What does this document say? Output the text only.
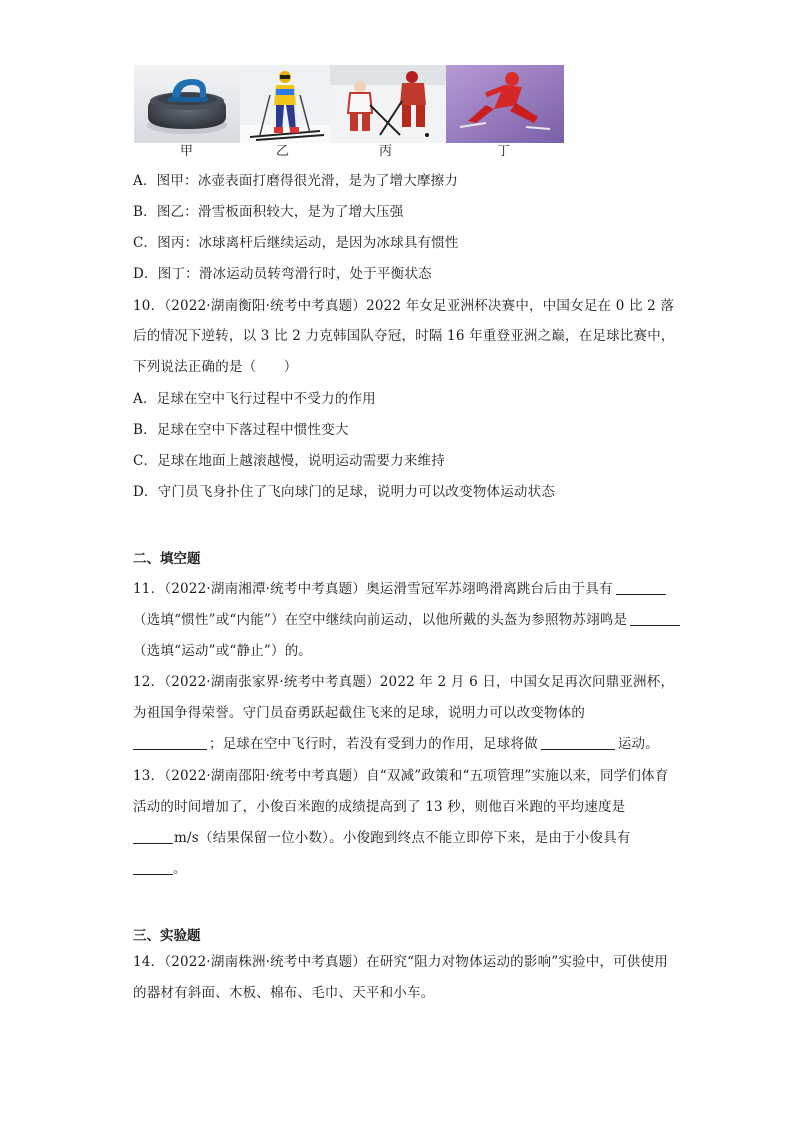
甲	乙	丙	丁
A．图甲：冰壶表面打磨得很光滑，是为了增大摩擦力
B．图乙：滑雪板面积较大，是为了增大压强
C．图丙：冰球离杆后继续运动，是因为冰球具有惯性
D．图丁：滑冰运动员转弯滑行时，处于平衡状态
10．（2022·湖南衡阳·统考中考真题）2022 年女足亚洲杯决赛中，中国女足在 0 比 2 落
后的情况下逆转，以 3 比 2 力克韩国队夺冠，时隔 16 年重登亚洲之巅，在足球比赛中，
下列说法正确的是（　　）
A．足球在空中飞行过程中不受力的作用
B．足球在空中下落过程中惯性变大
C．足球在地面上越滚越慢，说明运动需要力来维持
D．守门员飞身扑住了飞向球门的足球，说明力可以改变物体运动状态
二、填空题
11．（2022·湖南湘潭·统考中考真题）奥运滑雪冠军苏翊鸣滑离跳台后由于具有
（选填“惯性”或“内能”）在空中继续向前运动，以他所戴的头盔为参照物苏翊鸣是
（选填“运动”或“静止”）的。
12．（2022·湖南张家界·统考中考真题）2022 年 2 月 6 日，中国女足再次问鼎亚洲杯，
为祖国争得荣誉。守门员奋勇跃起截住飞来的足球，说明力可以改变物体的
；足球在空中飞行时，若没有受到力的作用，足球将做	运动。
13．（2022·湖南邵阳·统考中考真题）自“双减”政策和“五项管理”实施以来，同学们体育
活动的时间增加了，小俊百米跑的成绩提高到了 13 秒，则他百米跑的平均速度是
m/s（结果保留一位小数）。小俊跑到终点不能立即停下来，是由于小俊具有
。
三、实验题
14．（2022·湖南株洲·统考中考真题）在研究“阻力对物体运动的影响”实验中，可供使用
的器材有斜面、木板、棉布、毛巾、天平和小车。
